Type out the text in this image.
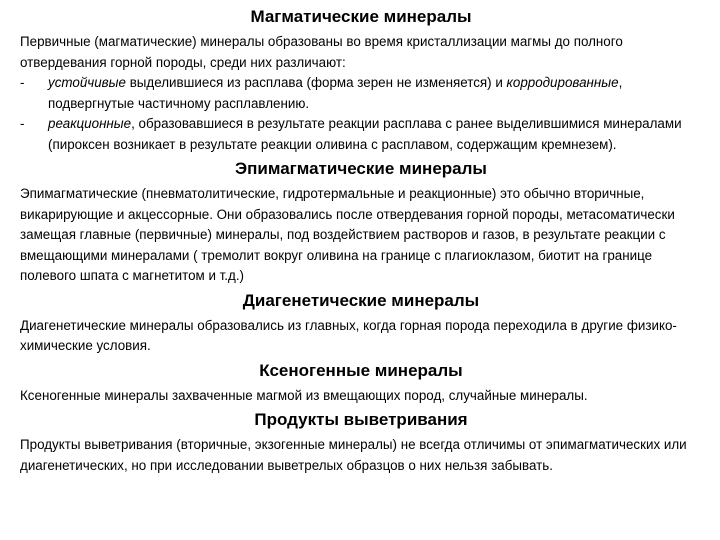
Магматические минералы

Первичные (магматические) минералы образованы во время кристаллизации магмы до полного отвердевания горной породы, среди них различают:

- устойчивые выделившиеся из расплава (форма зерен не изменяется) и корродированные, подвергнутые частичному расплавлению.
- реакционные, образовавшиеся в результате реакции расплава с ранее выделившимися минералами (пироксен возникает в результате реакции оливина с расплавом, содержащим кремнезем).
Эпимагматические минералы

Эпимагматические (пневматолитические, гидротермальные и реакционные) это обычно вторичные, викарирующие и акцессорные. Они образовались после отвердевания горной породы, метасоматически замещая главные (первичные) минералы, под воздействием растворов и газов, в результате реакции с вмещающими минералами ( тремолит вокруг оливина на границе с плагиоклазом, биотит на границе полевого шпата с магнетитом и т.д.)

Диагенетические минералы

Диагенетические минералы образовались из главных, когда горная порода переходила в другие физико-химические условия.

Ксеногенные минералы

Ксеногенные минералы захваченные магмой из вмещающих пород, случайные минералы.

Продукты выветривания

Продукты выветривания (вторичные, экзогенные минералы) не всегда отличимы от эпимагматических или диагенетических, но при исследовании выветрелых образцов о них нельзя забывать.
